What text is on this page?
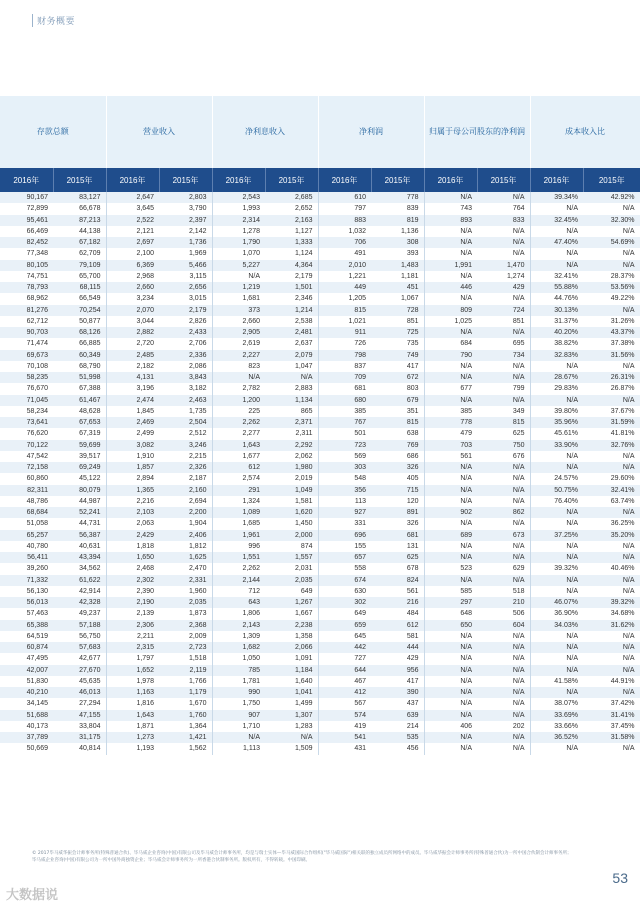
财务概要
存款总额		营业收入		净利息收入		净利润		归属于母公司股东的净利润		成本收入比	
2016年	2015年	2016年	2015年	2016年	2015年	2016年	2015年	2016年	2015年	2016年	2015年
90,167	83,127	2,647	2,803	2,543	2,685	610	778	N/A	N/A	39.34%	42.92%
72,899	66,678	3,645	3,790	1,993	2,652	797	839	743	764	N/A	N/A
95,461	87,213	2,522	2,397	2,314	2,163	883	819	893	833	32.45%	32.30%
66,469	44,138	2,121	2,142	1,278	1,127	1,032	1,136	N/A	N/A	N/A	N/A
82,452	67,182	2,697	1,736	1,790	1,333	706	308	N/A	N/A	47.40%	54.69%
77,348	62,709	2,100	1,969	1,070	1,124	491	393	N/A	N/A	N/A	N/A
80,105	79,109	6,369	5,466	5,227	4,364	2,010	1,483	1,991	1,470	N/A	N/A
74,751	65,700	2,968	3,115	N/A	2,179	1,221	1,181	N/A	1,274	32.41%	28.37%
78,793	68,115	2,660	2,656	1,219	1,501	449	451	446	429	55.88%	53.56%
68,962	66,549	3,234	3,015	1,681	2,346	1,205	1,067	N/A	N/A	44.76%	49.22%
81,276	70,254	2,070	2,179	373	1,214	815	728	809	724	30.13%	N/A
62,712	50,877	3,044	2,826	2,660	2,538	1,021	851	1,025	851	31.37%	31.26%
90,703	68,126	2,882	2,433	2,905	2,481	911	725	N/A	N/A	40.20%	43.37%
71,474	66,885	2,720	2,706	2,619	2,637	726	735	684	695	38.82%	37.38%
69,673	60,349	2,485	2,336	2,227	2,079	798	749	790	734	32.83%	31.56%
70,108	68,790	2,182	2,086	823	1,047	837	417	N/A	N/A	N/A	N/A
58,235	51,998	4,131	3,843	N/A	N/A	709	672	N/A	N/A	28.67%	26.31%
76,670	67,388	3,196	3,182	2,782	2,883	681	803	677	799	29.83%	26.87%
71,045	61,467	2,474	2,463	1,200	1,134	680	679	N/A	N/A	N/A	N/A
58,234	48,628	1,845	1,735	225	865	385	351	385	349	39.80%	37.67%
73,641	67,653	2,469	2,504	2,262	2,371	767	815	778	815	35.96%	31.59%
76,620	67,319	2,499	2,512	2,277	2,311	501	638	479	625	45.61%	41.81%
70,122	59,699	3,082	3,246	1,643	2,292	723	769	703	750	33.90%	32.76%
47,542	39,517	1,910	2,215	1,677	2,062	569	686	561	676	N/A	N/A
72,158	69,249	1,857	2,326	612	1,980	303	326	N/A	N/A	N/A	N/A
60,860	45,122	2,894	2,187	2,574	2,019	548	405	N/A	N/A	24.57%	29.60%
82,311	80,079	1,365	2,160	291	1,049	356	715	N/A	N/A	50.75%	32.41%
48,786	44,987	2,216	2,694	1,324	1,581	113	120	N/A	N/A	76.40%	63.74%
68,684	52,241	2,103	2,200	1,089	1,620	927	891	902	862	N/A	N/A
51,058	44,731	2,063	1,904	1,685	1,450	331	326	N/A	N/A	N/A	36.25%
65,257	56,387	2,429	2,406	1,961	2,000	696	681	689	673	37.25%	35.20%
40,780	40,631	1,818	1,812	996	874	155	131	N/A	N/A	N/A	N/A
56,411	43,394	1,650	1,625	1,551	1,557	657	625	N/A	N/A	N/A	N/A
39,260	34,562	2,468	2,470	2,262	2,031	558	678	523	629	39.32%	40.46%
71,332	61,622	2,302	2,331	2,144	2,035	674	824	N/A	N/A	N/A	N/A
56,130	42,914	2,390	1,960	712	649	630	561	585	518	N/A	N/A
56,013	42,328	2,190	2,035	643	1,267	302	216	297	210	46.07%	39.32%
57,463	49,237	2,139	1,873	1,806	1,667	649	484	648	506	36.90%	34.68%
65,388	57,188	2,306	2,368	2,143	2,238	659	612	650	604	34.03%	31.62%
64,519	56,750	2,211	2,009	1,309	1,358	645	581	N/A	N/A	N/A	N/A
60,874	57,683	2,315	2,723	1,682	2,066	442	444	N/A	N/A	N/A	N/A
47,495	42,677	1,797	1,518	1,050	1,091	727	429	N/A	N/A	N/A	N/A
42,007	27,670	1,652	2,119	785	1,184	644	956	N/A	N/A	N/A	N/A
51,830	45,635	1,978	1,766	1,781	1,640	467	417	N/A	N/A	41.58%	44.91%
40,210	46,013	1,163	1,179	990	1,041	412	390	N/A	N/A	N/A	N/A
34,145	27,294	1,816	1,670	1,750	1,499	567	437	N/A	N/A	38.07%	37.42%
51,688	47,155	1,643	1,760	907	1,307	574	639	N/A	N/A	33.69%	31.41%
40,173	33,804	1,871	1,364	1,710	1,283	419	214	406	202	33.66%	37.45%
37,789	31,175	1,273	1,421	N/A	N/A	541	535	N/A	N/A	36.52%	31.58%
50,669	40,814	1,193	1,562	1,113	1,509	431	456	N/A	N/A	N/A	N/A
© 2017毕马威华振会计师事务所(特殊普通合伙)、毕马威企业咨询(中国)有限公司及毕马威会计师事务所，均是与瑞士实体—毕马威国际合作组织("毕马威国际")相关联的独立成员所网络中的成员。毕马威华振会计师事务所(特殊普通合伙)为一所中国合伙制会计师事务所；毕马威企业咨询(中国)有限公司为一所中国外商独资企业；毕马威会计师事务所为一所香港合伙制事务所。版权所有，不得转载。中国印刷。
53
大数据说
